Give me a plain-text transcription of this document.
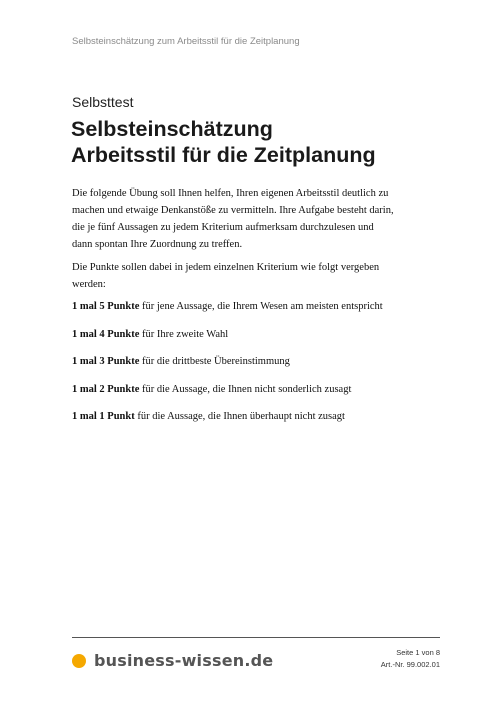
Selbsteinschätzung zum Arbeitsstil für die Zeitplanung
Selbsttest
Selbsteinschätzung
Arbeitsstil für die Zeitplanung

Die folgende Übung soll Ihnen helfen, Ihren eigenen Arbeitsstil deutlich zu
machen und etwaige Denkanstöße zu vermitteln. Ihre Aufgabe besteht darin,
die je fünf Aussagen zu jedem Kriterium aufmerksam durchzulesen und
dann spontan Ihre Zuordnung zu treffen.

Die Punkte sollen dabei in jedem einzelnen Kriterium wie folgt vergeben
werden:

1 mal 5 Punkte für jene Aussage, die Ihrem Wesen am meisten entspricht

1 mal 4 Punkte für Ihre zweite Wahl

1 mal 3 Punkte für die drittbeste Übereinstimmung

1 mal 2 Punkte für die Aussage, die Ihnen nicht sonderlich zusagt

1 mal 1 Punkt für die Aussage, die Ihnen überhaupt nicht zusagt

business-wissen.de	Seite 1 von 8
Art.-Nr. 99.002.01
